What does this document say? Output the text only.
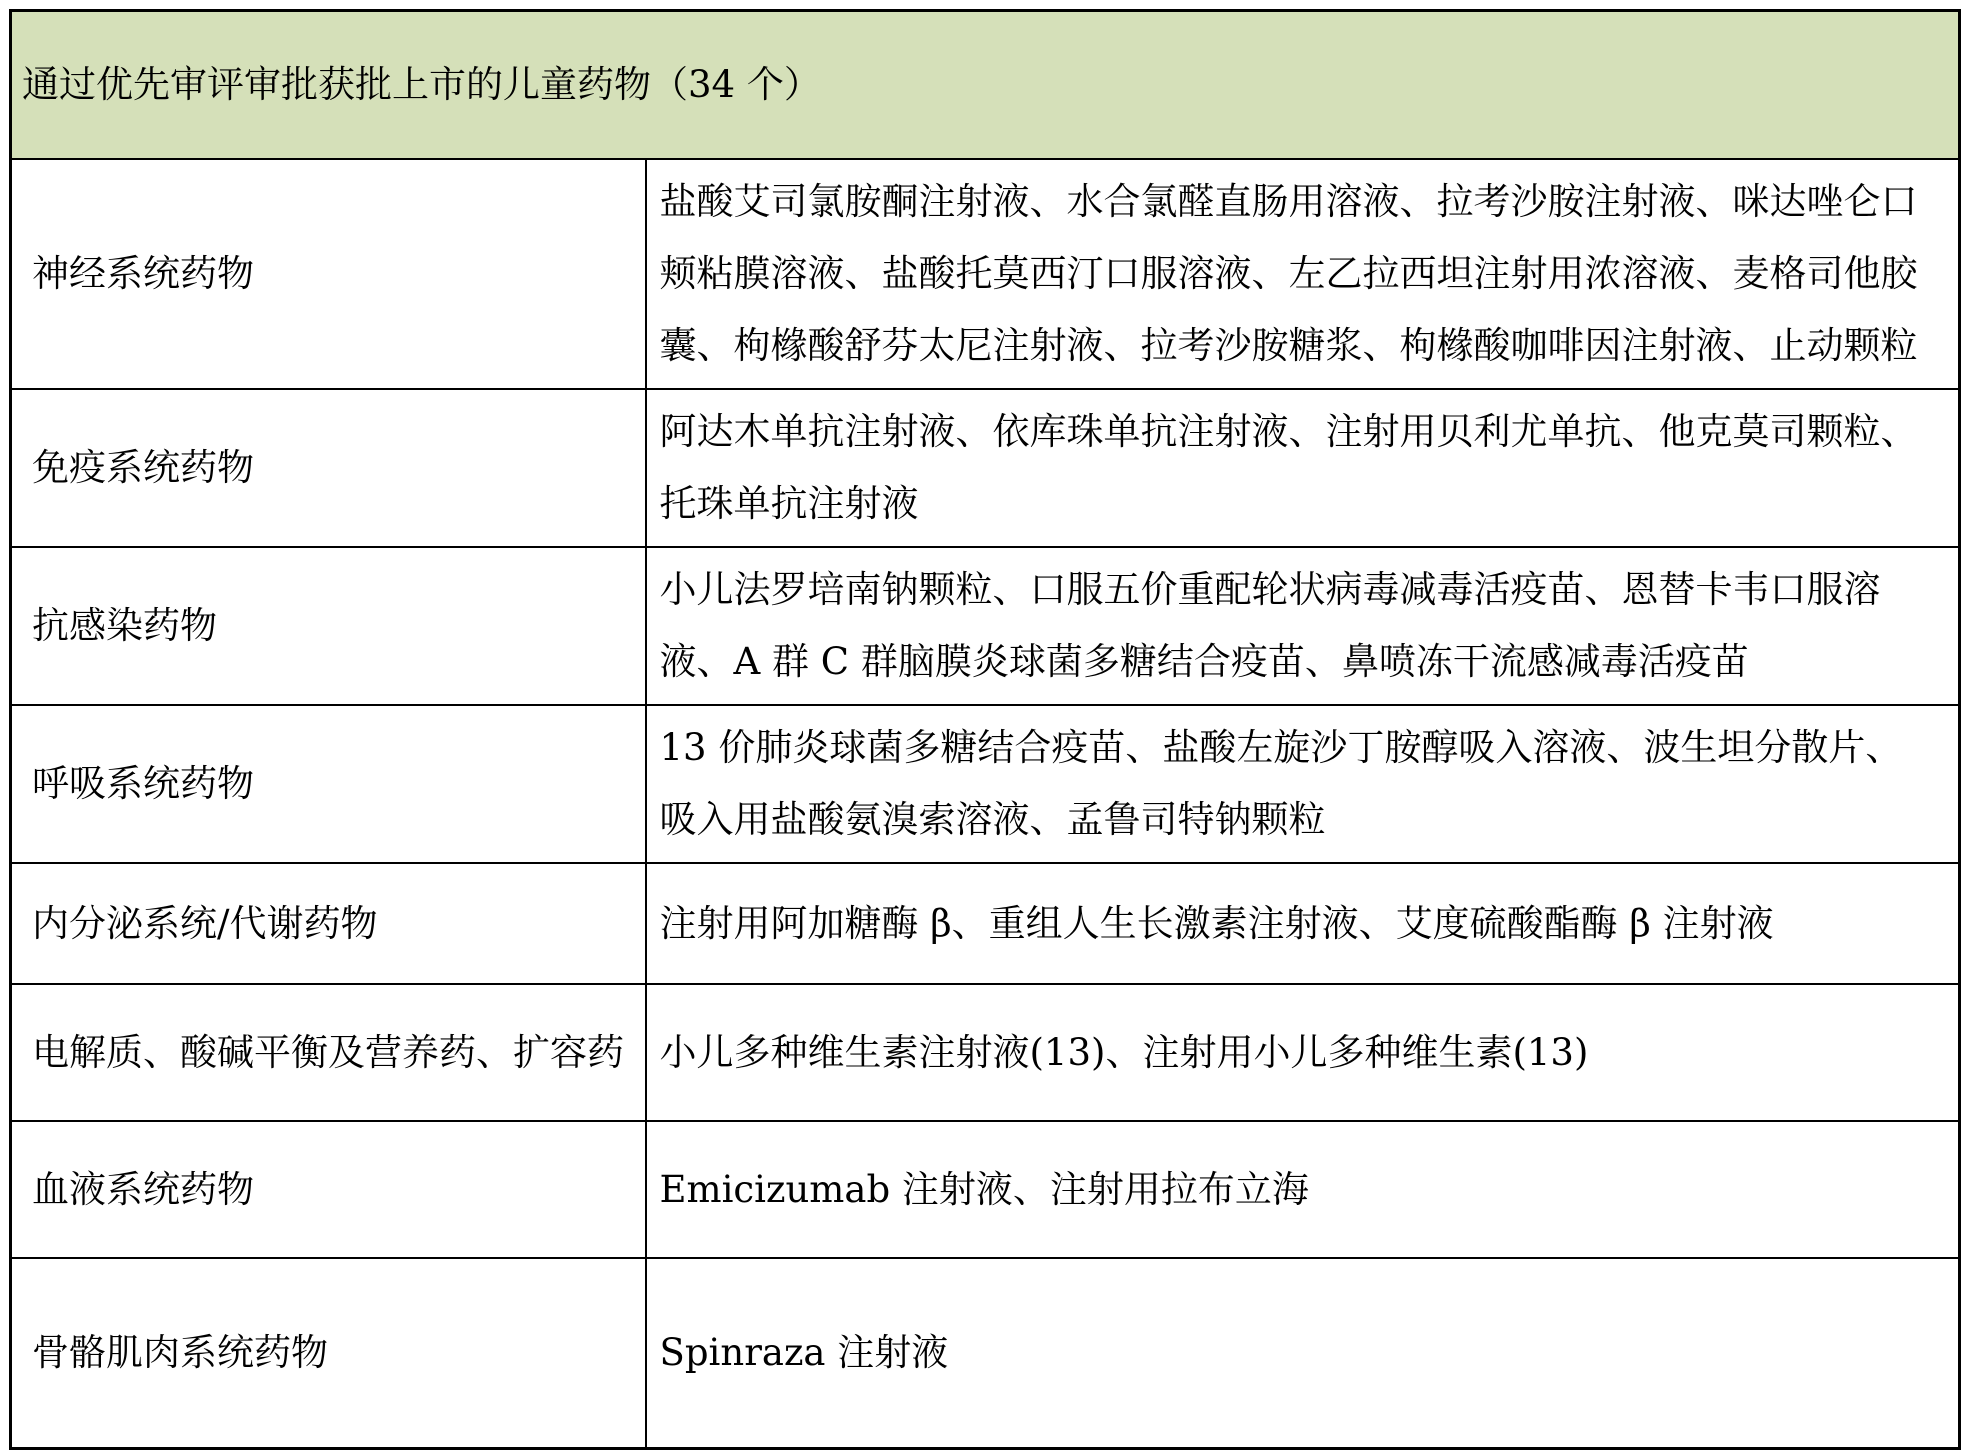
通过优先审评审批获批上市的儿童药物（34 个）	
神经系统药物	盐酸艾司氯胺酮注射液、水合氯醛直肠用溶液、拉考沙胺注射液、咪达唑仑口颊粘膜溶液、盐酸托莫西汀口服溶液、左乙拉西坦注射用浓溶液、麦格司他胶囊、枸橼酸舒芬太尼注射液、拉考沙胺糖浆、枸橼酸咖啡因注射液、止动颗粒
免疫系统药物	阿达木单抗注射液、依库珠单抗注射液、注射用贝利尤单抗、他克莫司颗粒、托珠单抗注射液
抗感染药物	小儿法罗培南钠颗粒、口服五价重配轮状病毒减毒活疫苗、恩替卡韦口服溶液、A 群 C 群脑膜炎球菌多糖结合疫苗、鼻喷冻干流感减毒活疫苗
呼吸系统药物	13 价肺炎球菌多糖结合疫苗、盐酸左旋沙丁胺醇吸入溶液、波生坦分散片、吸入用盐酸氨溴索溶液、孟鲁司特钠颗粒
内分泌系统/代谢药物	注射用阿加糖酶 β、重组人生长激素注射液、艾度硫酸酯酶 β 注射液
电解质、酸碱平衡及营养药、扩容药	小儿多种维生素注射液(13)、注射用小儿多种维生素(13)
血液系统药物	Emicizumab 注射液、注射用拉布立海
骨骼肌肉系统药物	Spinraza 注射液
